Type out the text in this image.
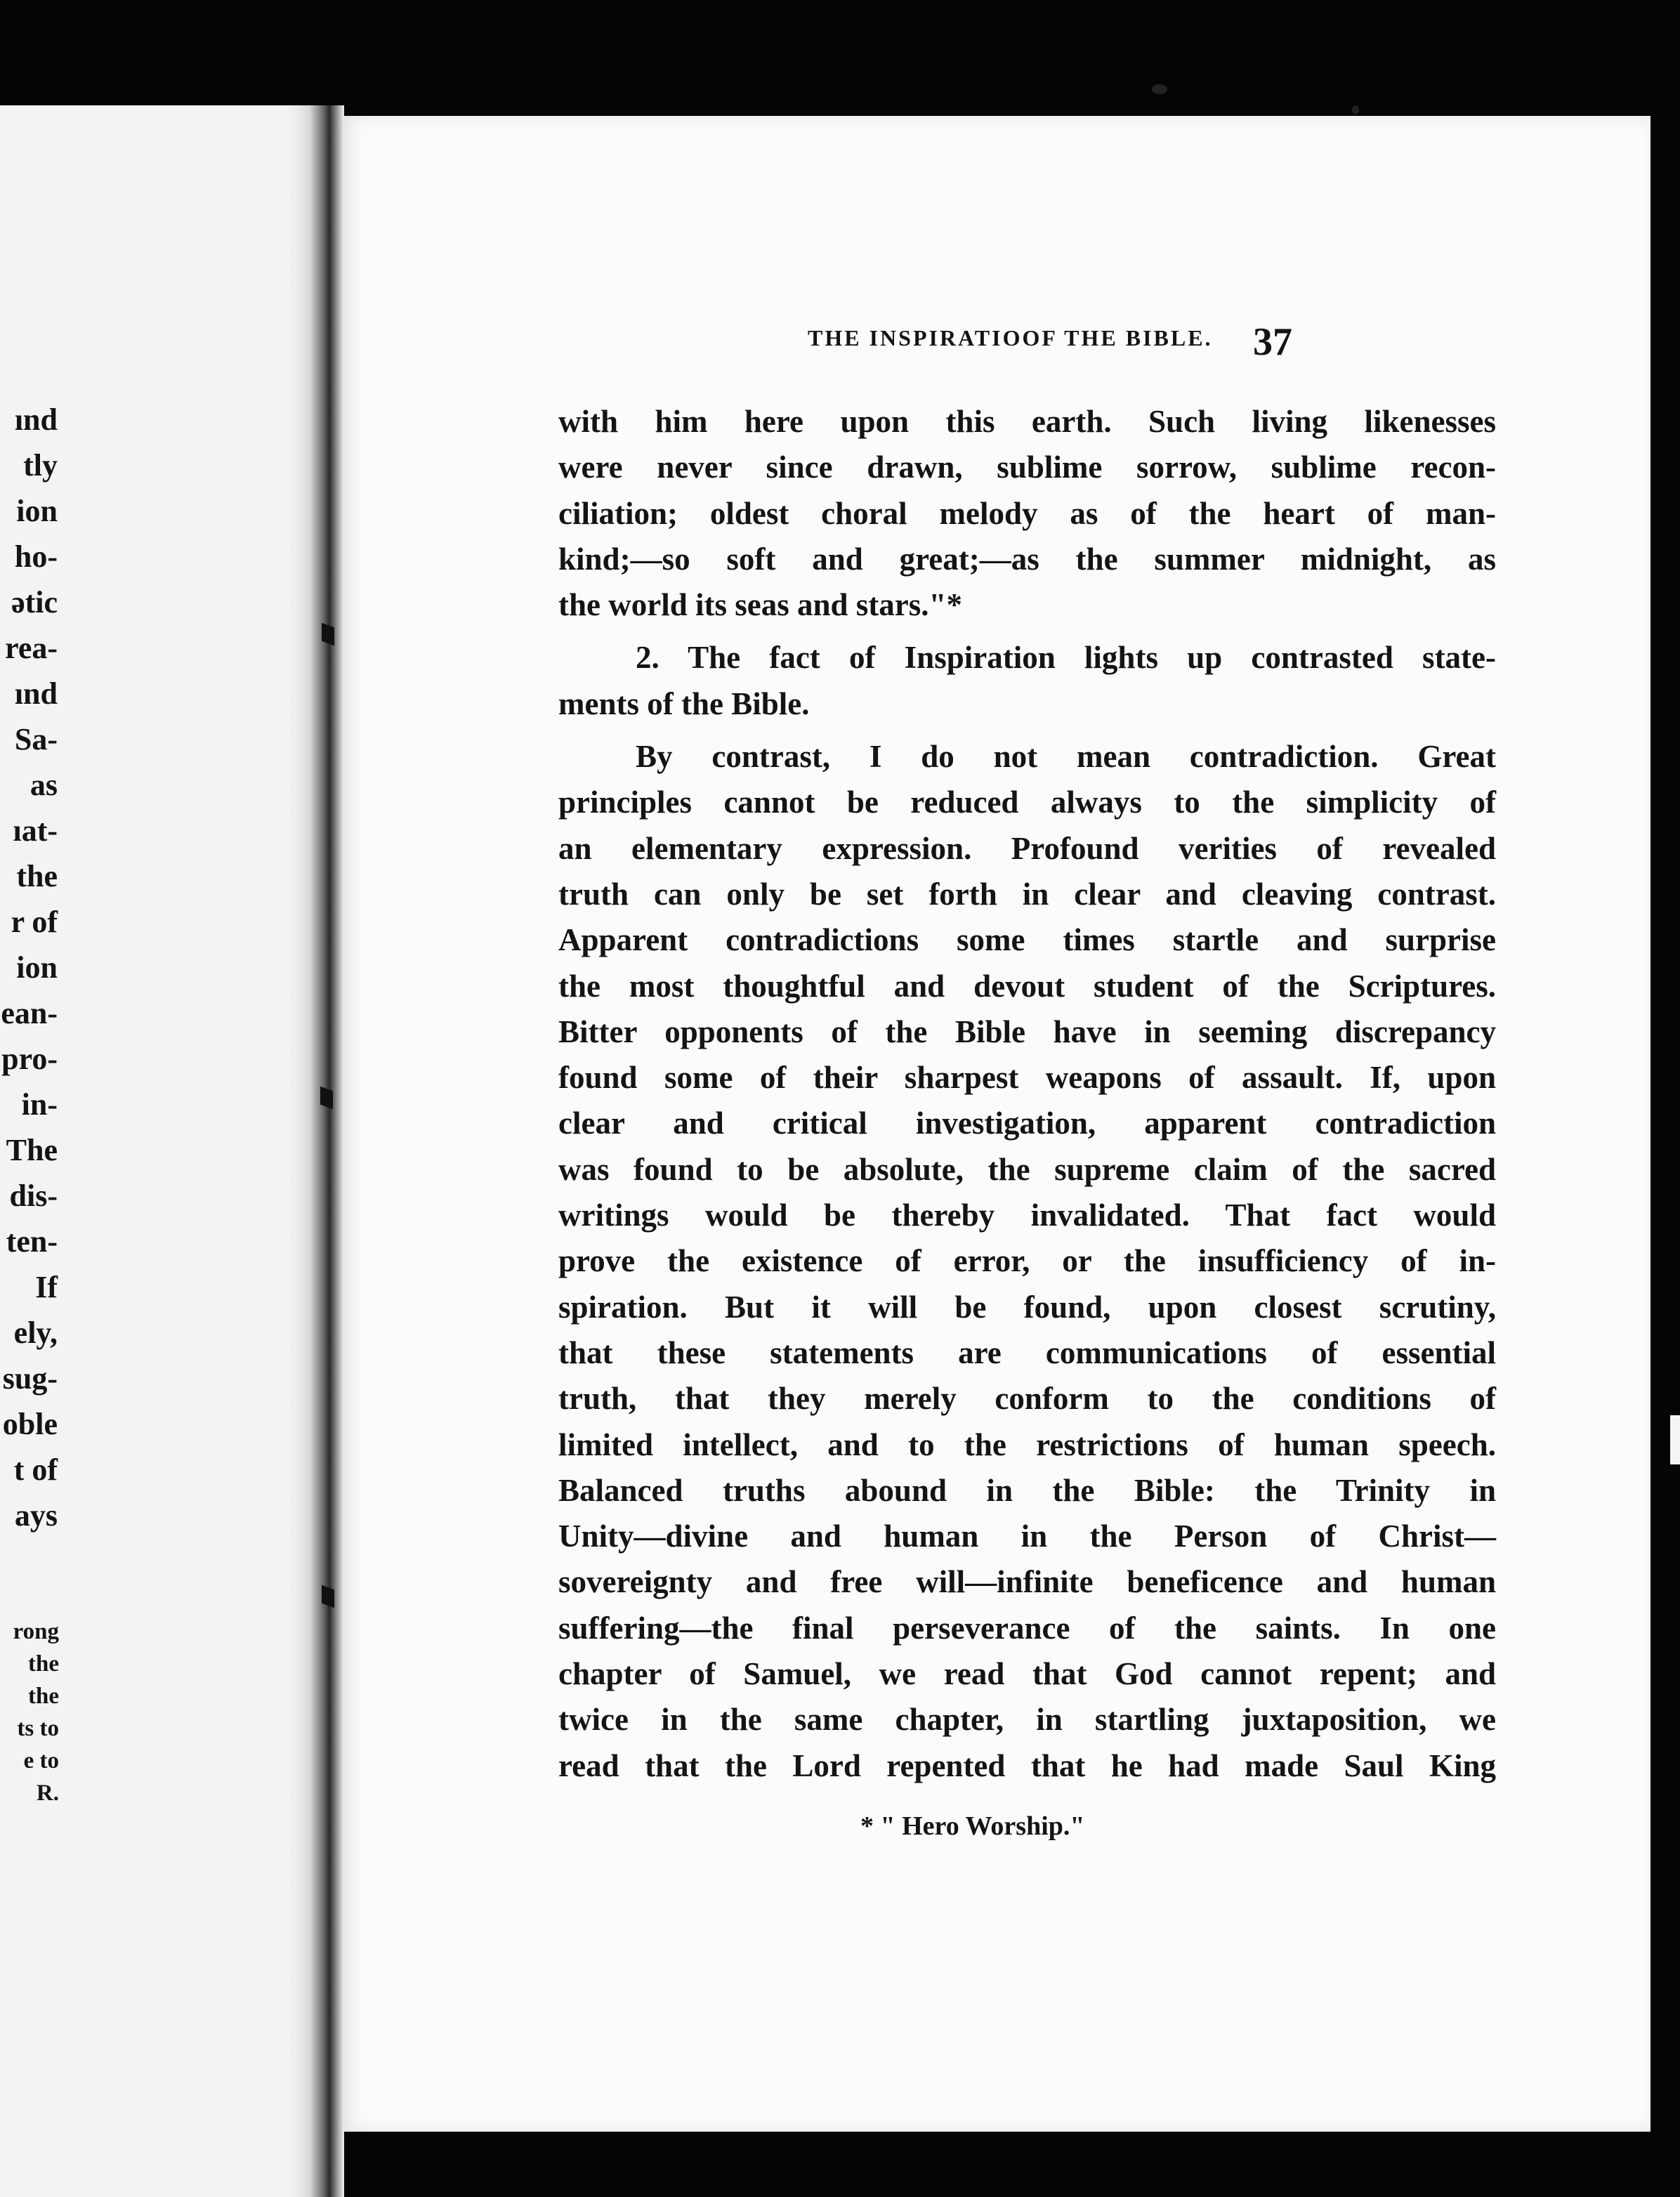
ınd
tly
ion
ho-
ətic
rea-
ınd
Sa-
as
ıat-
the
r of
ion
ean-
pro-
in-
The
dis-
ten-
If
ely,
sug-
oble
t of
ays
rong
the
the
ts to
e to
R.
THE INSPIRATIOOF THE BIBLE. 37
with him here upon this earth. Such living likenesses
were never since drawn, sublime sorrow, sublime recon-
ciliation; oldest choral melody as of the heart of man-
kind;—so soft and great;—as the summer midnight, as
the world its seas and stars."*
2. The fact of Inspiration lights up contrasted state-
ments of the Bible.
By contrast, I do not mean contradiction. Great
principles cannot be reduced always to the simplicity of
an elementary expression. Profound verities of revealed
truth can only be set forth in clear and cleaving contrast.
Apparent contradictions some times startle and surprise
the most thoughtful and devout student of the Scriptures.
Bitter opponents of the Bible have in seeming discrepancy
found some of their sharpest weapons of assault. If, upon
clear and critical investigation, apparent contradiction
was found to be absolute, the supreme claim of the sacred
writings would be thereby invalidated. That fact would
prove the existence of error, or the insufficiency of in-
spiration. But it will be found, upon closest scrutiny,
that these statements are communications of essential
truth, that they merely conform to the conditions of
limited intellect, and to the restrictions of human speech.
Balanced truths abound in the Bible: the Trinity in
Unity—divine and human in the Person of Christ—
sovereignty and free will—infinite beneficence and human
suffering—the final perseverance of the saints. In one
chapter of Samuel, we read that God cannot repent; and
twice in the same chapter, in startling juxtaposition, we
read that the Lord repented that he had made Saul King
* " Hero Worship."
